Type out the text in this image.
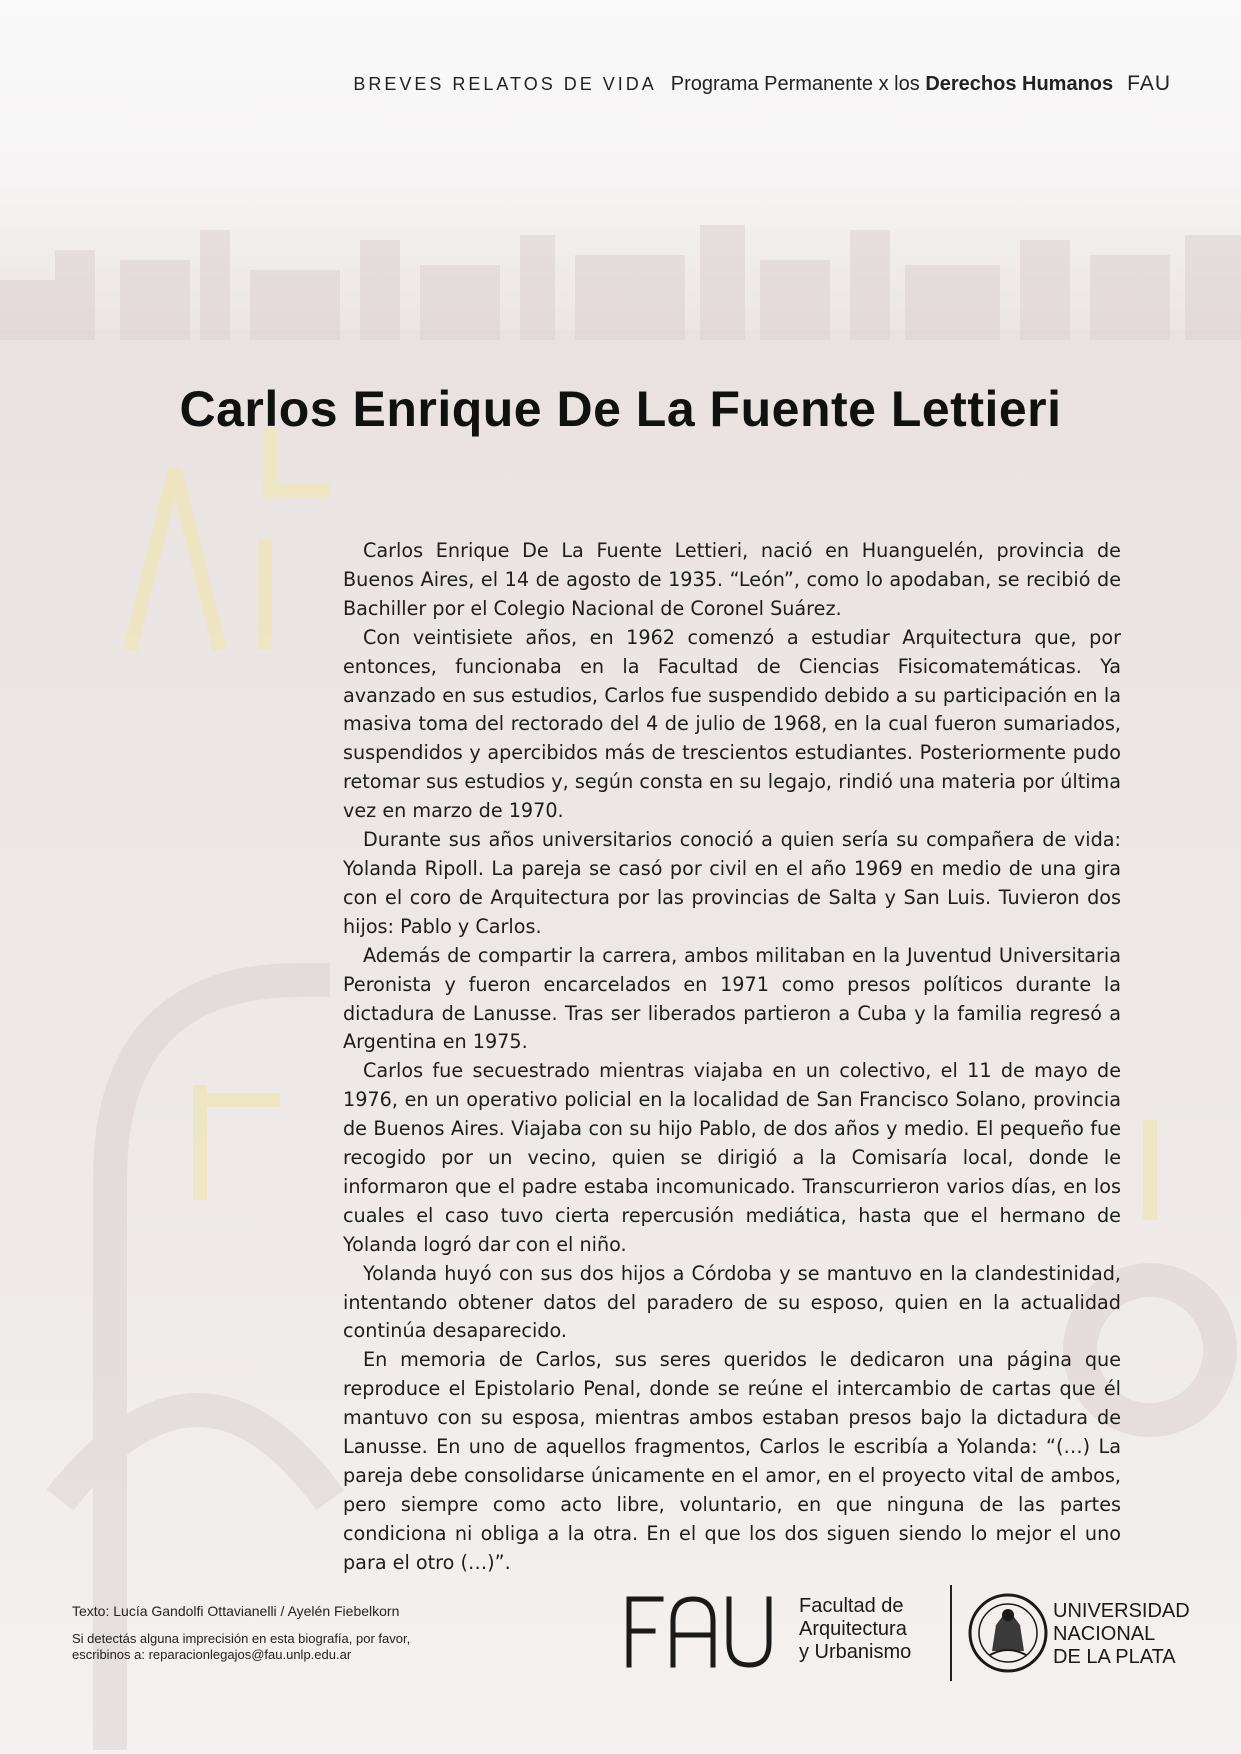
BREVES RELATOS DE VIDA Programa Permanente x los Derechos Humanos FAU
Carlos Enrique De La Fuente Lettieri

Carlos Enrique De La Fuente Lettieri, nació en Huanguelén, provincia de Buenos Aires, el 14 de agosto de 1935. “León”, como lo apodaban, se recibió de Bachiller por el Colegio Nacional de Coronel Suárez.

Con veintisiete años, en 1962 comenzó a estudiar Arquitectura que, por entonces, funcionaba en la Facultad de Ciencias Fisicomatemáticas. Ya avanzado en sus estudios, Carlos fue suspendido debido a su participación en la masiva toma del rectorado del 4 de julio de 1968, en la cual fueron sumariados, suspendidos y apercibidos más de trescientos estudiantes. Posteriormente pudo retomar sus estudios y, según consta en su legajo, rindió una materia por última vez en marzo de 1970.

Durante sus años universitarios conoció a quien sería su compañera de vida: Yolanda Ripoll. La pareja se casó por civil en el año 1969 en medio de una gira con el coro de Arquitectura por las provincias de Salta y San Luis. Tuvieron dos hijos: Pablo y Carlos.

Además de compartir la carrera, ambos militaban en la Juventud Universitaria Peronista y fueron encarcelados en 1971 como presos políticos durante la dictadura de Lanusse. Tras ser liberados partieron a Cuba y la familia regresó a Argentina en 1975.

Carlos fue secuestrado mientras viajaba en un colectivo, el 11 de mayo de 1976, en un operativo policial en la localidad de San Francisco Solano, provincia de Buenos Aires. Viajaba con su hijo Pablo, de dos años y medio. El pequeño fue recogido por un vecino, quien se dirigió a la Comisaría local, donde le informaron que el padre estaba incomunicado. Transcurrieron varios días, en los cuales el caso tuvo cierta repercusión mediática, hasta que el hermano de Yolanda logró dar con el niño.

Yolanda huyó con sus dos hijos a Córdoba y se mantuvo en la clandestinidad, intentando obtener datos del paradero de su esposo, quien en la actualidad continúa desaparecido.

En memoria de Carlos, sus seres queridos le dedicaron una página que reproduce el Epistolario Penal, donde se reúne el intercambio de cartas que él mantuvo con su esposa, mientras ambos estaban presos bajo la dictadura de Lanusse. En uno de aquellos fragmentos, Carlos le escribía a Yolanda: “(…) La pareja debe consolidarse únicamente en el amor, en el proyecto vital de ambos, pero siempre como acto libre, voluntario, en que ninguna de las partes condiciona ni obliga a la otra. En el que los dos siguen siendo lo mejor el uno para el otro (…)”.

Texto: Lucía Gandolfi Ottavianelli / Ayelén Fiebelkorn
Si detectás alguna imprecisión en esta biografía, por favor,
escribinos a: reparacionlegajos@fau.unlp.edu.ar
Facultad de
Arquitectura
y Urbanismo
UNIVERSIDAD
NACIONAL
DE LA PLATA
